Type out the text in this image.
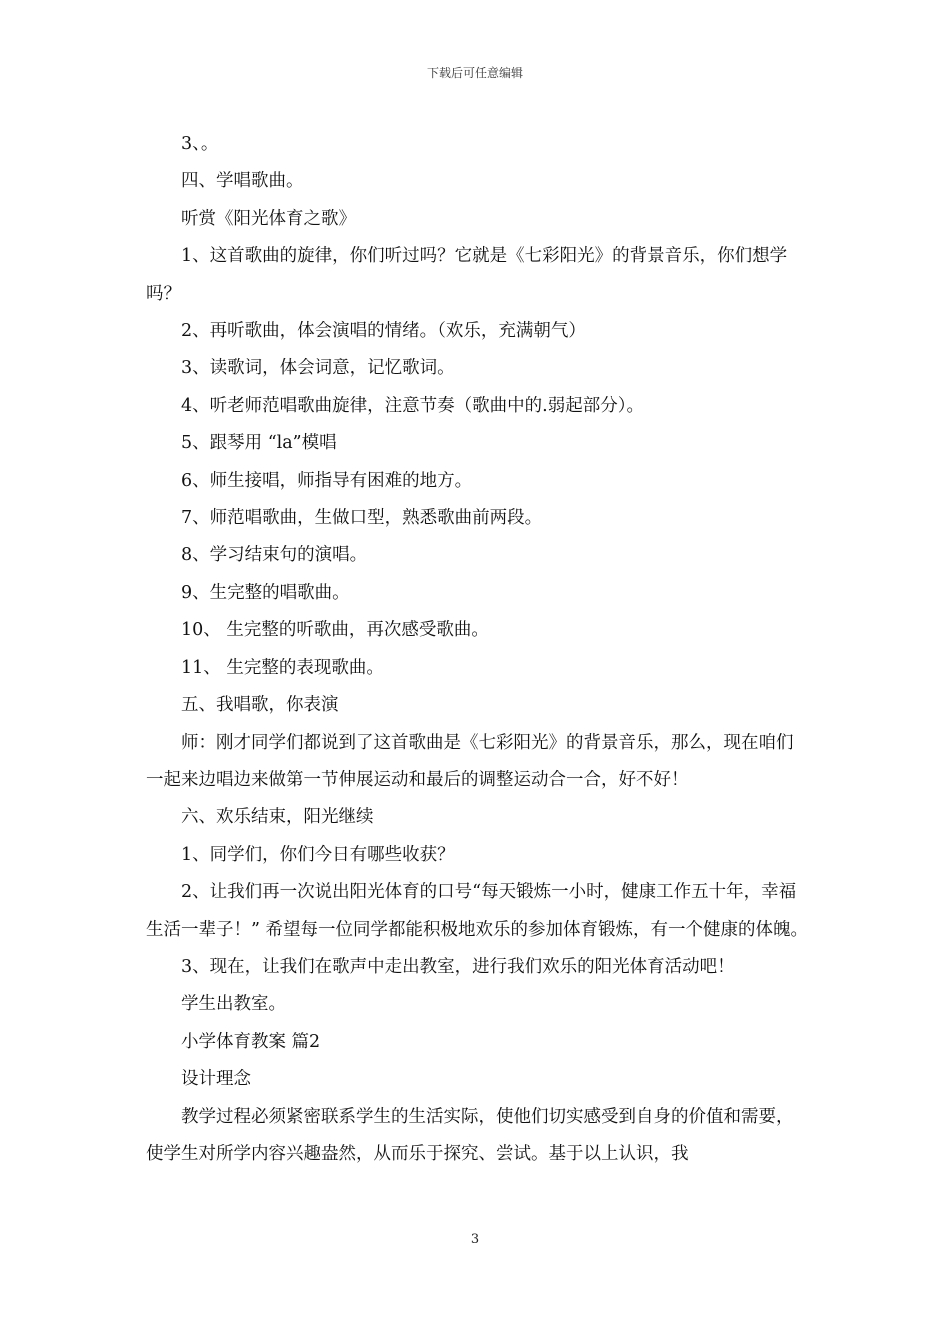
下载后可任意编辑

3、。

四、学唱歌曲。

听赏《阳光体育之歌》

1、这首歌曲的旋律，你们听过吗？它就是《七彩阳光》的背景音乐，你们想学吗？

2、再听歌曲，体会演唱的情绪。（欢乐，充满朝气）

3、读歌词，体会词意，记忆歌词。

4、听老师范唱歌曲旋律，注意节奏（歌曲中的.弱起部分）。

5、跟琴用 “la”模唱

6、师生接唱，师指导有困难的地方。

7、师范唱歌曲，生做口型，熟悉歌曲前两段。

8、学习结束句的演唱。

9、生完整的唱歌曲。

10、 生完整的听歌曲，再次感受歌曲。

11、 生完整的表现歌曲。

五、我唱歌，你表演

师：刚才同学们都说到了这首歌曲是《七彩阳光》的背景音乐，那么，现在咱们一起来边唱边来做第一节伸展运动和最后的调整运动合一合，好不好！

六、欢乐结束，阳光继续

1、同学们，你们今日有哪些收获？

2、让我们再一次说出阳光体育的口号“每天锻炼一小时，健康工作五十年，幸福生活一辈子！” 希望每一位同学都能积极地欢乐的参加体育锻炼，有一个健康的体魄。

3、现在，让我们在歌声中走出教室，进行我们欢乐的阳光体育活动吧！

学生出教室。

小学体育教案 篇2

设计理念

教学过程必须紧密联系学生的生活实际，使他们切实感受到自身的价值和需要，使学生对所学内容兴趣盎然，从而乐于探究、尝试。基于以上认识，我

3
